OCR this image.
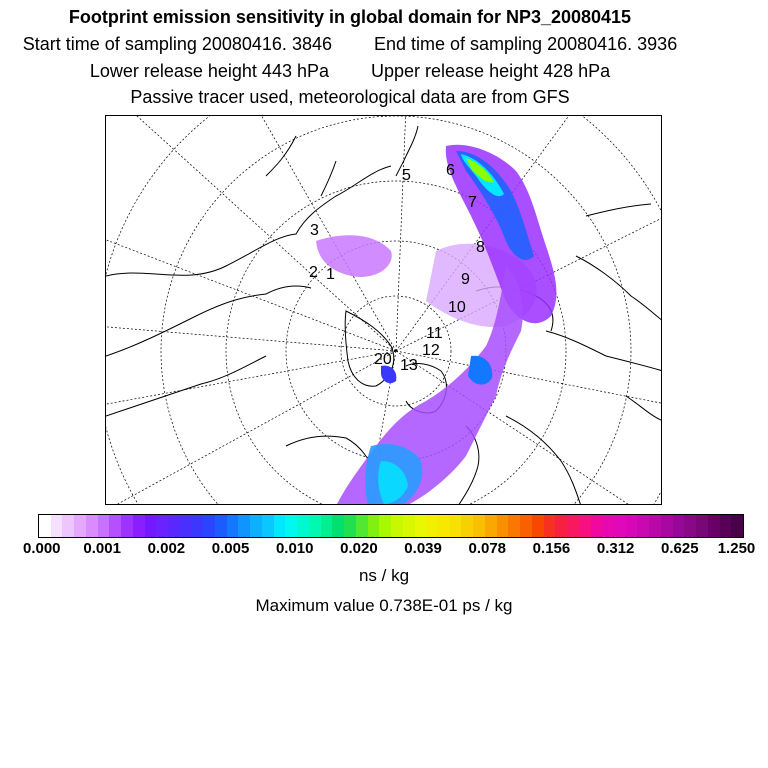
Footprint emission sensitivity in global domain for NP3_20080415
Start time of sampling 20080416. 3846 End time of sampling 20080416. 3936
Lower release height 443 hPa Upper release height 428 hPa
Passive tracer used, meteorological data are from GFS
1
2
3
5 6
7
8
9
10
11
12
13
20
0.000 0.001 0.002 0.005 0.010 0.020 0.039 0.078 0.156 0.312 0.625 1.250
ns / kg
Maximum value 0.738E-01 ps / kg
